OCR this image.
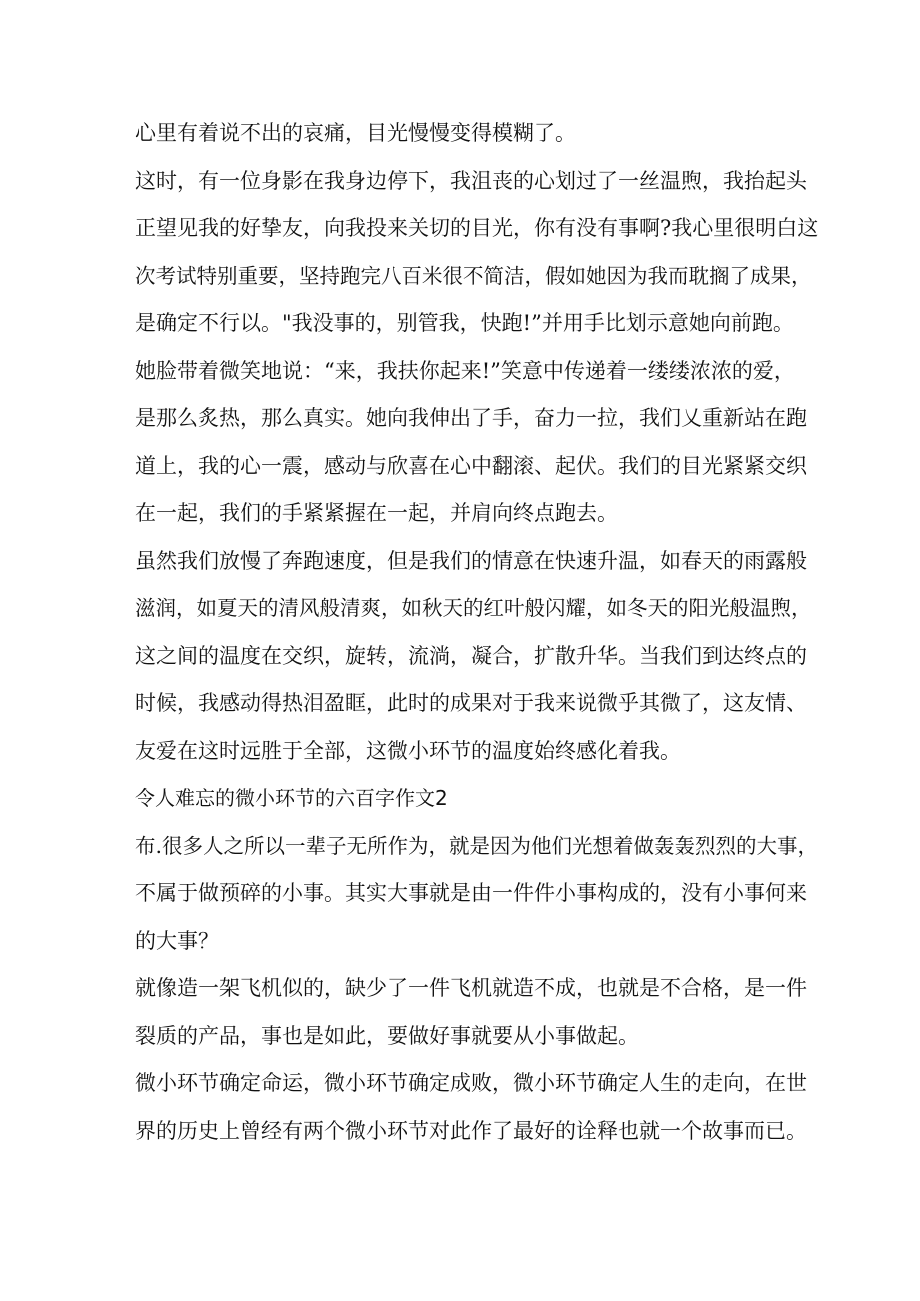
心里有着说不出的哀痛，目光慢慢变得模糊了。

这时，有一位身影在我身边停下，我沮丧的心划过了一丝温煦，我抬起头

正望见我的好挚友，向我投来关切的目光，你有没有事啊?我心里很明白这

次考试特别重要，坚持跑完八百米很不简洁，假如她因为我而耽搁了成果，

是确定不行以。"我没事的，别管我，快跑!”并用手比划示意她向前跑。

她脸带着微笑地说：“来，我扶你起来!”笑意中传递着一缕缕浓浓的爱，

是那么炙热，那么真实。她向我伸出了手，奋力一拉，我们乂重新站在跑

道上，我的心一震，感动与欣喜在心中翻滚、起伏。我们的目光紧紧交织

在一起，我们的手紧紧握在一起，并肩向终点跑去。

虽然我们放慢了奔跑速度，但是我们的情意在快速升温，如春天的雨露般

滋润，如夏天的清风般清爽，如秋天的红叶般闪耀，如冬天的阳光般温煦，

这之间的温度在交织，旋转，流淌，凝合，扩散升华。当我们到达终点的

时候，我感动得热泪盈眶，此时的成果对于我来说微乎其微了，这友情、

友爱在这时远胜于全部，这微小环节的温度始终感化着我。

令人难忘的微小环节的六百字作文2

布.很多人之所以一辈子无所作为，就是因为他们光想着做轰轰烈烈的大事，

不属于做预碎的小事。其实大事就是由一件件小事构成的，没有小事何来

的大事？

就像造一架飞机似的，缺少了一件飞机就造不成，也就是不合格，是一件

裂质的产品，事也是如此，要做好事就要从小事做起。

微小环节确定命运，微小环节确定成败，微小环节确定人生的走向，在世

界的历史上曾经有两个微小环节对此作了最好的诠释也就一个故事而已。
